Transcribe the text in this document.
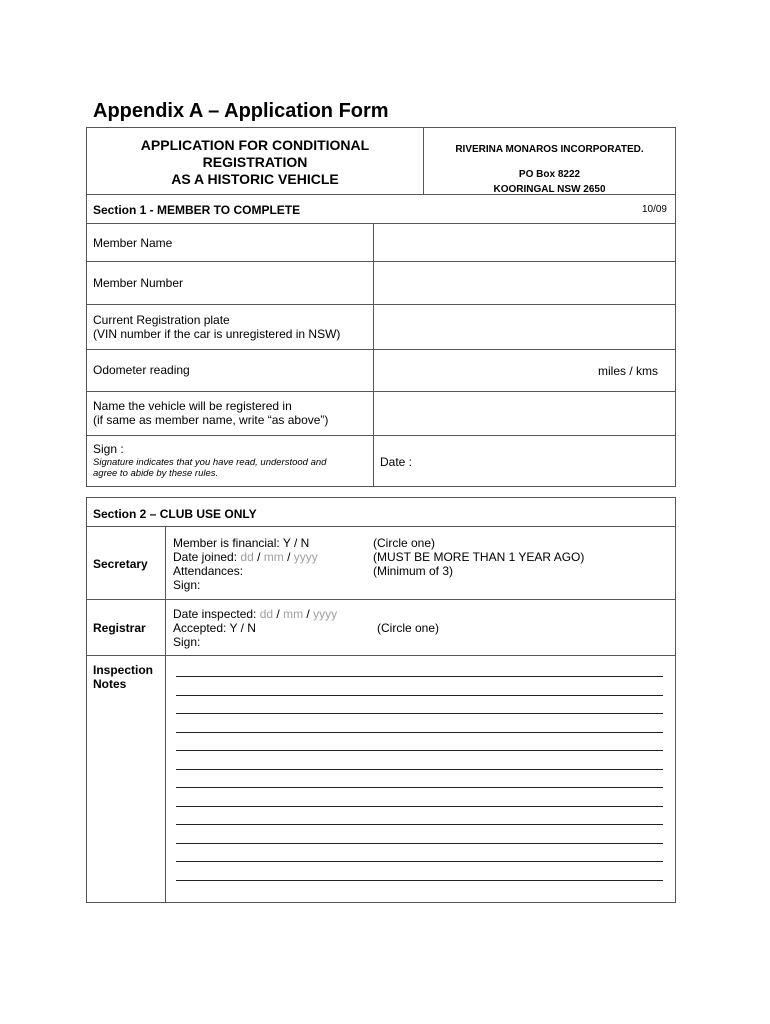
Appendix A – Application Form
APPLICATION FOR CONDITIONAL
REGISTRATION
AS A HISTORIC VEHICLE
RIVERINA MONAROS INCORPORATED.
PO Box 8222
KOORINGAL NSW 2650
Section 1 - MEMBER TO COMPLETE	10/09
Member Name
Member Number
Current Registration plate
(VIN number if the car is unregistered in NSW)
Odometer reading	miles / kms
Name the vehicle will be registered in
(if same as member name, write “as above”)
Sign :
Signature indicates that you have read, understood and
agree to abide by these rules.
Date :
Section 2 – CLUB USE ONLY
Secretary
Member is financial: Y / N
Date joined: dd / mm / yyyy
Attendances:
Sign:
(Circle one)
(MUST BE MORE THAN 1 YEAR AGO)
(Minimum of 3)
Registrar
Date inspected: dd / mm / yyyy
Accepted: Y / N
Sign:
(Circle one)
Inspection
Notes
